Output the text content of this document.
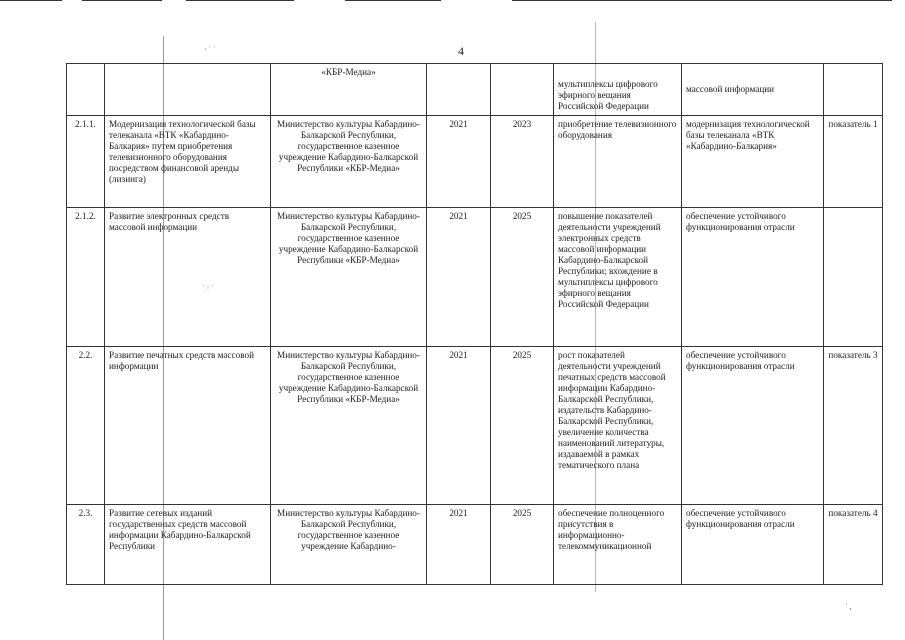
4
· ˈ ˈ
ˈ · ˈ
˙ ,
		«КБР-Медиа»			мультиплексы цифрового эфирного вещания Российской Федерации	массовой информации	
2.1.1.	Модернизация технологической базы телеканала «ВТК «Кабардино-Балкария» путем приобретения телевизионного оборудования посредством финансовой аренды (лизинга)	Министерство культуры Кабардино-Балкарской Республики, государственное казенное учреждение Кабардино-Балкарской Республики «КБР-Медиа»	2021	2023	приобретение телевизионного оборудования	модернизация технологической базы телеканала «ВТК «Кабардино-Балкария»	показатель 1
2.1.2.	Развитие электронных средств массовой информации	Министерство культуры Кабардино-Балкарской Республики, государственное казенное учреждение Кабардино-Балкарской Республики «КБР-Медиа»	2021	2025	повышение показателей деятельности учреждений электронных средств массовой информации Кабардино-Балкарской Республики; вхождение в мультиплексы цифрового эфирного вещания Российской Федерации	обеспечение устойчивого функционирования отрасли	
2.2.	Развитие печатных средств массовой информации	Министерство культуры Кабардино-Балкарской Республики, государственное казенное учреждение Кабардино-Балкарской Республики «КБР-Медиа»	2021	2025	рост показателей деятельности учреждений печатных средств массовой информации Кабардино-Балкарской Республики, издательств Кабардино-Балкарской Республики, увеличение количества наименований литературы, издаваемой в рамках тематического плана	обеспечение устойчивого функционирования отрасли	показатель 3
2.3.	Развитие сетевых изданий государственных средств массовой информации Кабардино-Балкарской Республики	Министерство культуры Кабардино-Балкарской Республики, государственное казенное учреждение Кабардино-	2021	2025	обеспечение полноценного присутствия в информационно-телекоммуникационной	обеспечение устойчивого функционирования отрасли	показатель 4
